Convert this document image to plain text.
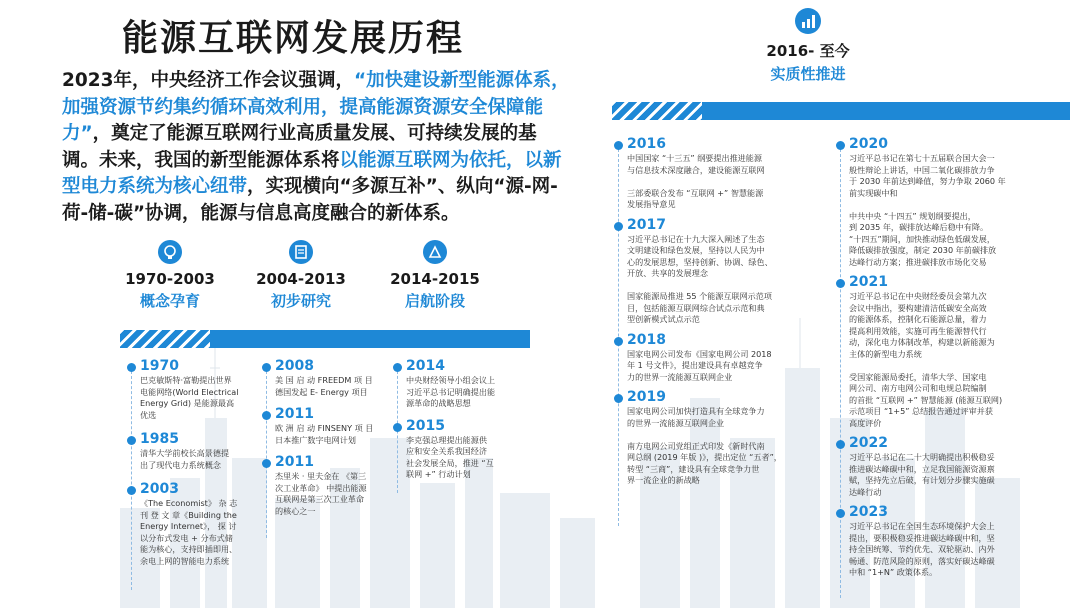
能源互联网发展历程

2023年，中央经济工作会议强调，“加快建设新型能源体系，加强资源节约集约循环高效利用，提高能源资源安全保障能力”，奠定了能源互联网行业高质量发展、可持续发展的基调。未来，我国的新型能源体系将以能源互联网为依托，以新型电力系统为核心纽带，实现横向“多源互补”、纵向“源-网-荷-储-碳”协调，能源与信息高度融合的新体系。

1970-2003
概念孕育
2004-2013
初步研究
2014-2015
启航阶段
2016- 至今
实质性推进
1970
巴克敏斯特·富勒提出世界
电能网络(World Electrical
Energy Grid) 是能源最高
优选
1985
清华大学前校长高景德提
出了现代电力系统概念
2003
《The Economist》 杂 志
刊 登 文 章《Building the
Energy Internet》， 探 讨
以分布式发电 + 分布式储
能为核心，支持即插即用、
余电上网的智能电力系统
2008
美 国 启 动 FREEDM 项 目
德国发起 E- Energy 项目
2011
欧 洲 启 动 FINSENY 项 目
日本推广数字电网计划
2011
杰里米 · 里夫金在 《第三
次工业革命》 中提出能源
互联网是第三次工业革命
的核心之一
2014
中央财经领导小组会议上
习近平总书记明确提出能
源革命的战略思想
2015
李克强总理提出能源供
应和安全关系我国经济
社会发展全局，推进 “互
联网 +” 行动计划
2016
中国国家 “十三五” 纲要提出推进能源
与信息技术深度融合，建设能源互联网

三部委联合发布 “互联网 +” 智慧能源
发展指导意见
2017
习近平总书记在十九大深入阐述了生态
文明建设和绿色发展，坚持以人民为中
心的发展思想，坚持创新、协调、绿色、
开放、共享的发展理念

国家能源局推进 55 个能源互联网示范项
目，包括能源互联网综合试点示范和典
型创新模式试点示范
2018
国家电网公司发布《国家电网公司 2018
年 1 号文件》，提出建设具有卓越竞争
力的世界一流能源互联网企业
2019
国家电网公司加快打造具有全球竞争力
的世界一流能源互联网企业

南方电网公司党组正式印发《新时代南
网总纲 (2019 年版 )》，提出定位 “五者”，
转型 “三商”，建设具有全球竞争力世
界一流企业的新战略
2020
习近平总书记在第七十五届联合国大会一
般性辩论上讲话，中国二氧化碳排放力争
于 2030 年前达到峰值，努力争取 2060 年
前实现碳中和

中共中央 “十四五” 规划纲要提出，
到 2035 年，碳排放达峰后稳中有降。
“十四五”期间，加快推动绿色低碳发展，
降低碳排放强度，制定 2030 年前碳排放
达峰行动方案；推进碳排放市场化交易
2021
习近平总书记在中央财经委员会第九次
会议中指出，要构建清洁低碳安全高效
的能源体系，控制化石能源总量，着力
提高利用效能，实施可再生能源替代行
动，深化电力体制改革，构建以新能源为
主体的新型电力系统

受国家能源局委托，清华大学、国家电
网公司、南方电网公司和电规总院编制
的首批 “互联网 +” 智慧能源 (能源互联网)
示范项目 “1+5” 总结报告通过评审并获
高度评价
2022
习近平总书记在二十大明确提出积极稳妥
推进碳达峰碳中和，立足我国能源资源禀
赋，坚持先立后破，有计划分步骤实施碳
达峰行动
2023
习近平总书记在全国生态环境保护大会上
提出，要积极稳妥推进碳达峰碳中和，坚
持全国统筹、节约优先、双轮驱动、内外
畅通、防范风险的原则，落实好碳达峰碳
中和 “1+N” 政策体系。
